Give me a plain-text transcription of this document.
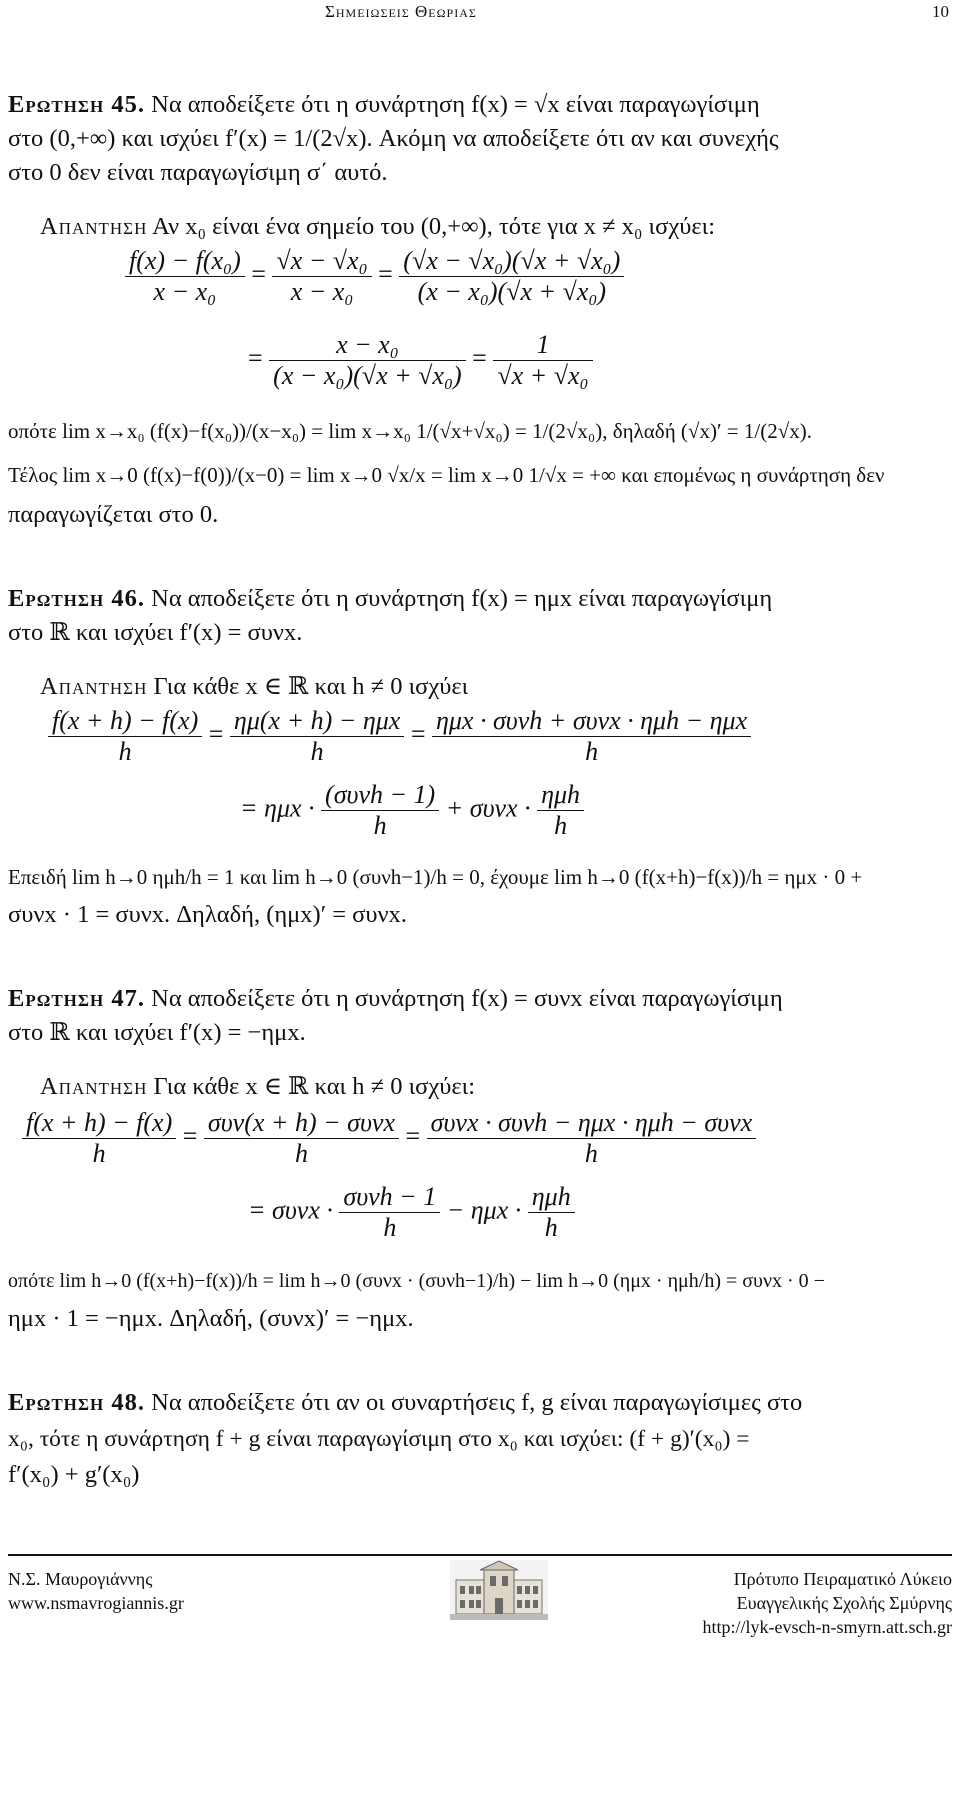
Σημειωσεισ Θεωριασ	10
Ερωτηση 45. Να αποδείξετε ότι η συνάρτηση f(x) = √x είναι παραγωγίσιμη
στο (0,+∞) και ισχύει f′(x) = 1/(2√x). Ακόμη να αποδείξετε ότι αν και συνεχής
στο 0 δεν είναι παραγωγίσιμη σ΄ αυτό.
Απαντηση Αν x₀ είναι ένα σημείο του (0,+∞), τότε για x ≠ x₀ ισχύει:
$\frac{\text{f(x) − f(x₀)}}{\text{x − x₀}} = \frac{\text{√x − √x₀}}{\text{x − x₀}} = \frac{\text{(√x − √x₀)(√x + √x₀)}}{\text{(x − x₀)(√x + √x₀)}}$
= $\frac{\text{x − x₀}}{\text{(x − x₀)(√x + √x₀)}} = \frac{1}{\text{√x + √x₀}}$
οπότε lim x→x₀ (f(x)−f(x₀))/(x−x₀) = lim x→x₀ 1/(√x+√x₀) = 1/(2√x₀), δηλαδή (√x)′ = 1/(2√x).
Τέλος lim x→0 (f(x)−f(0))/(x−0) = lim x→0 √x/x = lim x→0 1/√x = +∞ και επομένως η συνάρτηση δεν
παραγωγίζεται στο 0.
Ερωτηση 46. Να αποδείξετε ότι η συνάρτηση f(x) = ημx είναι παραγωγίσιμη
στο ℝ και ισχύει f′(x) = συνx.
Απαντηση Για κάθε x ∈ ℝ και h ≠ 0 ισχύει
$\frac{f(x + h) - f(x)}{h} = \frac{\text{ημ(x + h) − ημx}}{h} = \frac{\text{ημx · συνh + συνx · ημh − ημx}}{h}$
= $\eta\mu x \cdot \frac{\text{(συνh − 1)}}{h} + \sigma\upsilon\nu x \cdot \frac{\text{ημh}}{h}$
Επειδή lim h→0 ημh/h = 1 και lim h→0 (συνh−1)/h = 0, έχουμε lim h→0 (f(x+h)−f(x))/h = ημx · 0 +
συνx · 1 = συνx. Δηλαδή, (ημx)′ = συνx.
Ερωτηση 47. Να αποδείξετε ότι η συνάρτηση f(x) = συνx είναι παραγωγίσιμη
στο ℝ και ισχύει f′(x) = −ημx.
Απαντηση Για κάθε x ∈ ℝ και h ≠ 0 ισχύει:
$\frac{f(x + h) - f(x)}{h} = \frac{\text{συν(x + h) − συνx}}{h} = \frac{\text{συνx · συνh − ημx · ημh − συνx}}{h}$
= $\sigma\upsilon\nu x \cdot \frac{\text{συνh − 1}}{h} - \eta\mu x \cdot \frac{\text{ημh}}{h}$
οπότε lim h→0 (f(x+h)−f(x))/h = lim h→0 (συνx · (συνh−1)/h) − lim h→0 (ημx · ημh/h) = συνx · 0 −
ημx · 1 = −ημx. Δηλαδή, (συνx)′ = −ημx.
Ερωτηση 48. Να αποδείξετε ότι αν οι συναρτήσεις f, g είναι παραγωγίσιμες στο
x₀, τότε η συνάρτηση f + g είναι παραγωγίσιμη στο x₀ και ισχύει: (f + g)′(x₀) =
f′(x₀) + g′(x₀)
Ν.Σ. Μαυρογιάννης
www.nsmavrogiannis.gr
Πρότυπο Πειραματικό Λύκειο
Ευαγγελικής Σχολής Σμύρνης
http://lyk-evsch-n-smyrn.att.sch.gr
